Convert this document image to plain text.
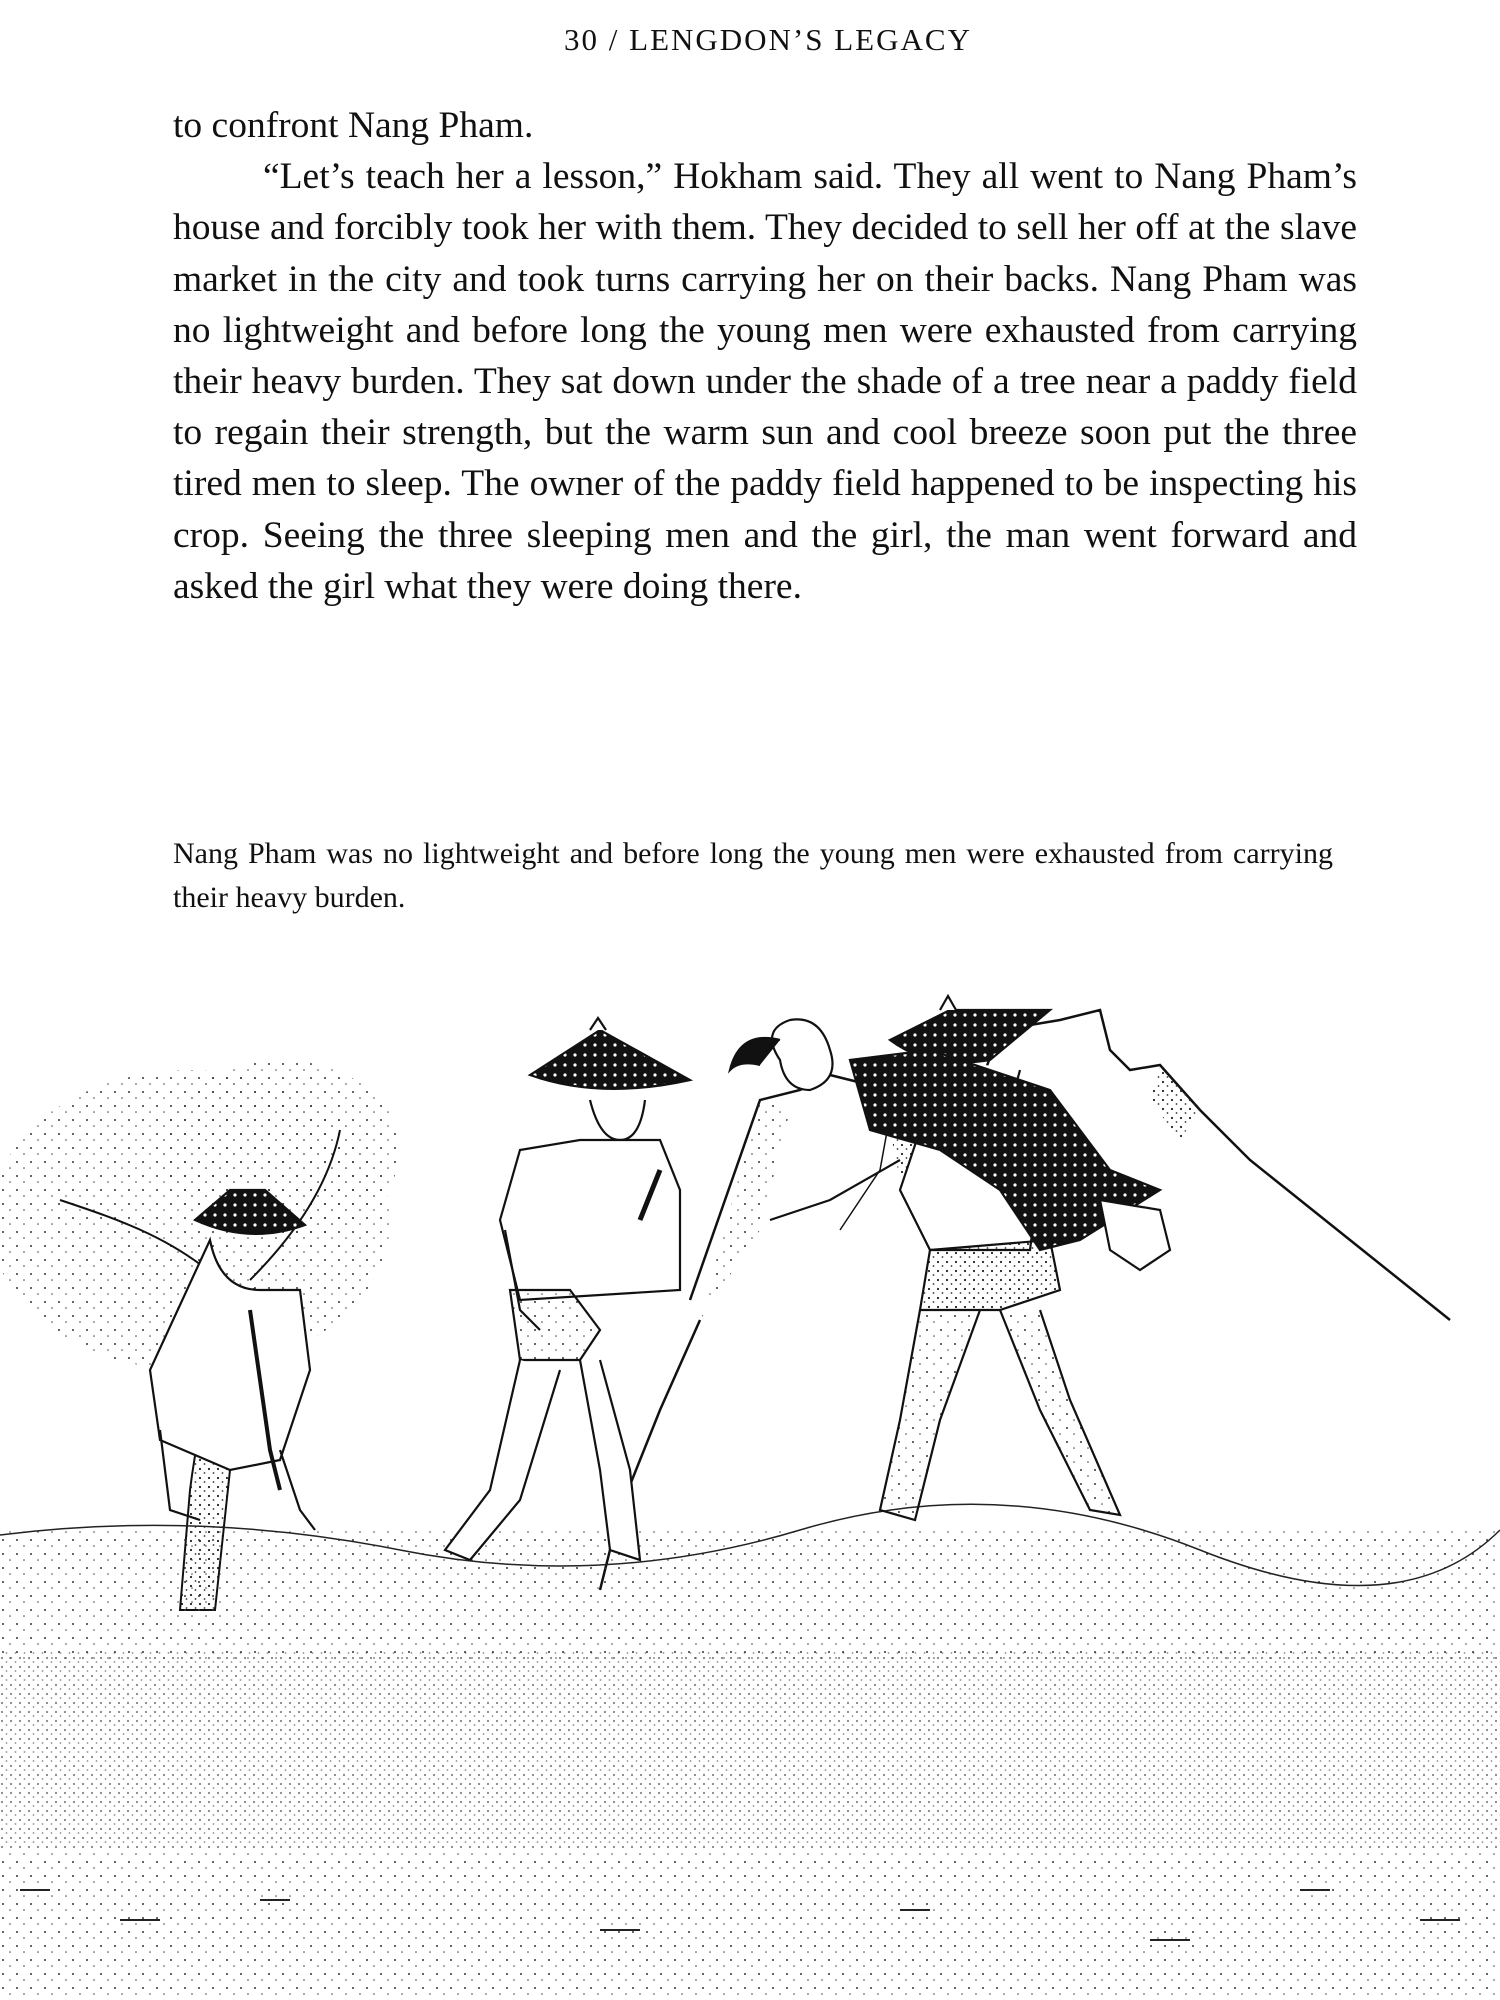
30 / LENGDON’S LEGACY

to confront Nang Pham.

“Let’s teach her a lesson,” Hokham said. They all went to Nang Pham’s house and forcibly took her with them. They decided to sell her off at the slave market in the city and took turns carrying her on their backs. Nang Pham was no lightweight and before long the young men were exhausted from carrying their heavy burden. They sat down under the shade of a tree near a paddy field to regain their strength, but the warm sun and cool breeze soon put the three tired men to sleep. The owner of the paddy field happened to be inspecting his crop. Seeing the three sleeping men and the girl, the man went forward and asked the girl what they were doing there.

Nang Pham was no lightweight and before long the young men were exhausted from carrying their heavy burden.
